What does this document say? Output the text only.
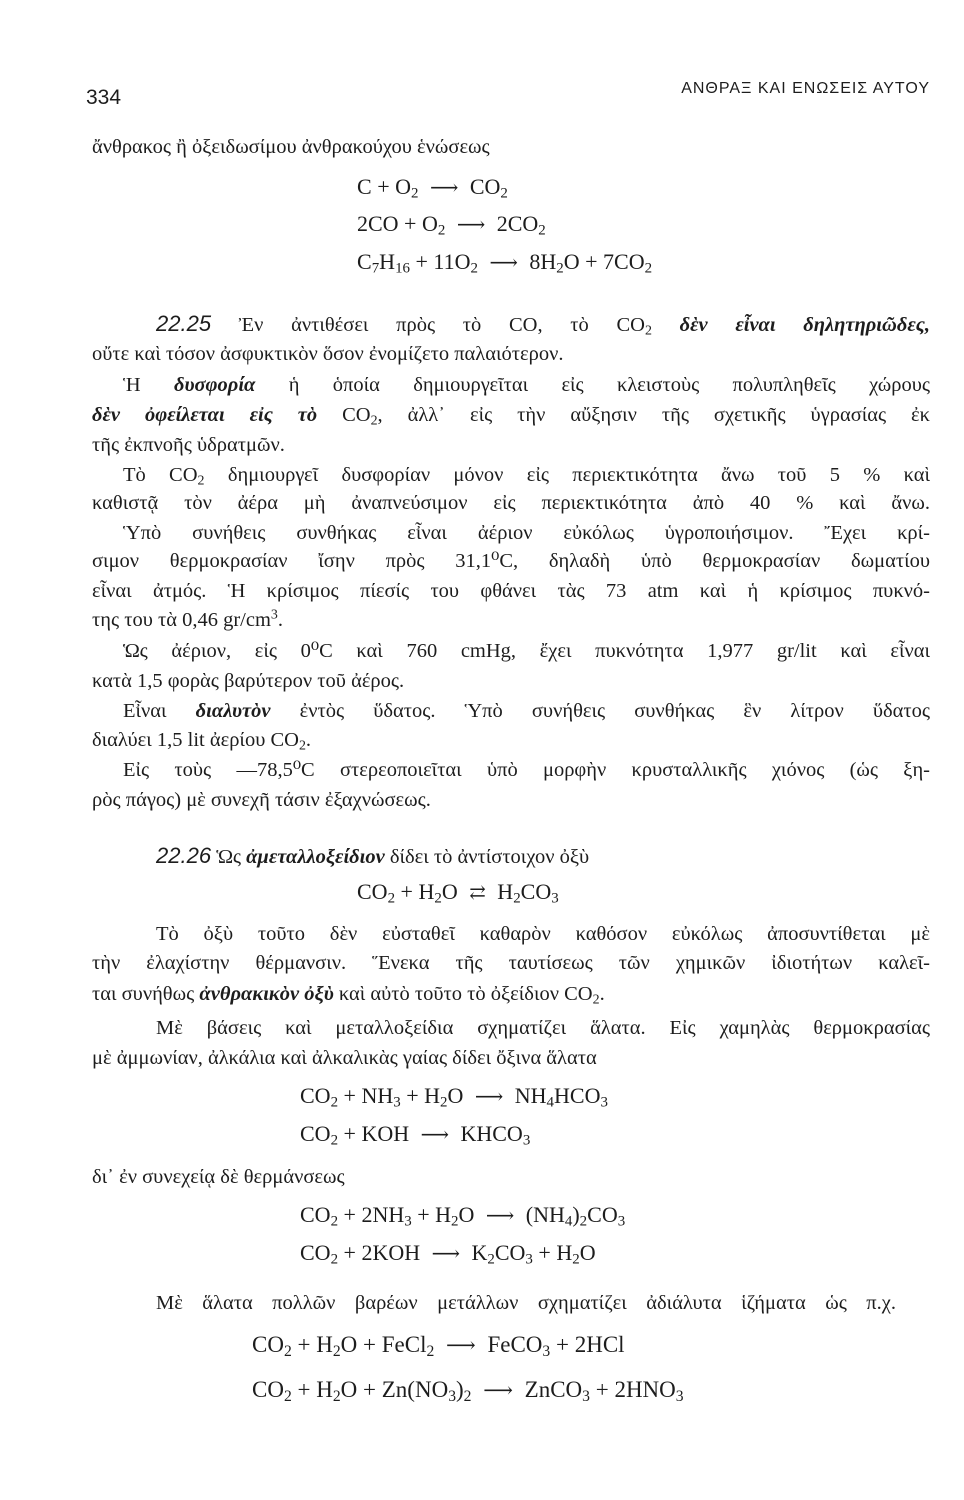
334	ΑΝΘΡΑΞ ΚΑΙ ΕΝΩΣΕΙΣ ΑΥΤΟΥ
ἄνθρακος ἢ ὀξειδωσίμου ἀνθρακούχου ἑνώσεως
$C + O_2$ ⟶ $CO_2$
$2CO + O_2$ ⟶ $2CO_2$
$C_7H_{16} + 11O_2$ ⟶ $8H_2O + 7CO_2$
22.25 Ἐν ἀντιθέσει πρὸς τὸ CO, τὸ $CO_2$ δὲν εἶναι δηλητηριῶδες,
οὔτε καὶ τόσον ἀσφυκτικὸν ὅσον ἐνομίζετο παλαιότερον.
Ἡ δυσφορία ἡ ὁποία δημιουργεῖται εἰς κλειστοὺς πολυπληθεῖς χώρους
δὲν ὀφείλεται εἰς τὸ $CO_2$, ἀλλ᾽ εἰς τὴν αὔξησιν τῆς σχετικῆς ὑγρασίας ἐκ
τῆς ἐκπνοῆς ὑδρατμῶν.
Τὸ $CO_2$ δημιουργεῖ δυσφορίαν μόνον εἰς περιεκτικότητα ἄνω τοῦ 5 % καὶ
καθιστᾷ τὸν ἀέρα μὴ ἀναπνεύσιμον εἰς περιεκτικότητα ἀπὸ 40 % καὶ ἄνω.
Ὑπὸ συνήθεις συνθήκας εἶναι ἀέριον εὐκόλως ὑγροποιήσιμον. Ἔχει κρί-
σιμον θερμοκρασίαν ἴσην πρὸς 31,1⁰C, δηλαδὴ ὑπὸ θερμοκρασίαν δωματίου
εἶναι ἀτμός. Ἡ κρίσιμος πίεσίς του φθάνει τὰς 73 atm καὶ ἡ κρίσιμος πυκνό-
της του τὰ 0,46 $gr/cm^3$.
Ὡς ἀέριον, εἰς 0⁰C καὶ 760 cmHg, ἔχει πυκνότητα 1,977 gr/lit καὶ εἶναι
κατὰ 1,5 φορὰς βαρύτερον τοῦ ἀέρος.
Εἶναι διαλυτὸν ἐντὸς ὕδατος. Ὑπὸ συνήθεις συνθήκας ἓν λίτρον ὕδατος
διαλύει 1,5 lit ἀερίου $CO_2$.
Εἰς τοὺς —78,5⁰C στερεοποιεῖται ὑπὸ μορφὴν κρυσταλλικῆς χιόνος (ὡς ξη-
ρὸς πάγος) μὲ συνεχῆ τάσιν ἐξαχνώσεως.
22.26 Ὡς ἀμεταλλοξείδιον δίδει τὸ ἀντίστοιχον ὀξὺ
$CO_2 + H_2O$ ⇄ $H_2CO_3$
Τὸ ὀξὺ τοῦτο δὲν εὐσταθεῖ καθαρὸν καθόσον εὐκόλως ἀποσυντίθεται μὲ
τὴν ἐλαχίστην θέρμανσιν. Ἕνεκα τῆς ταυτίσεως τῶν χημικῶν ἰδιοτήτων καλεῖ-
ται συνήθως ἀνθρακικὸν ὀξὺ καὶ αὐτὸ τοῦτο τὸ ὀξείδιον $CO_2$.
Μὲ βάσεις καὶ μεταλλοξείδια σχηματίζει ἅλατα. Εἰς χαμηλὰς θερμοκρασίας
μὲ ἀμμωνίαν, ἀλκάλια καὶ ἀλκαλικὰς γαίας δίδει ὄξινα ἅλατα
$CO_2 + NH_3 + H_2O$ ⟶ $NH_4HCO_3$
$CO_2$ + KOH ⟶ $KHCO_3$
δι᾽ ἐν συνεχείᾳ δὲ θερμάνσεως
$CO_2 + 2NH_3 + H_2O$ ⟶ $(NH_4)_2CO_3$
$CO_2 + 2KOH$ ⟶ $K_2CO_3 + H_2O$
Μὲ ἅλατα πολλῶν βαρέων μετάλλων σχηματίζει ἀδιάλυτα ἱζήματα ὡς π.χ.
$CO_2 + H_2O$ + FeCl$_2$ ⟶ FeCO$_3$ + 2HCl
$CO_2 + H_2O + Zn(NO_3)_2$ ⟶ ZnCO$_3$ + $2HNO_3$
